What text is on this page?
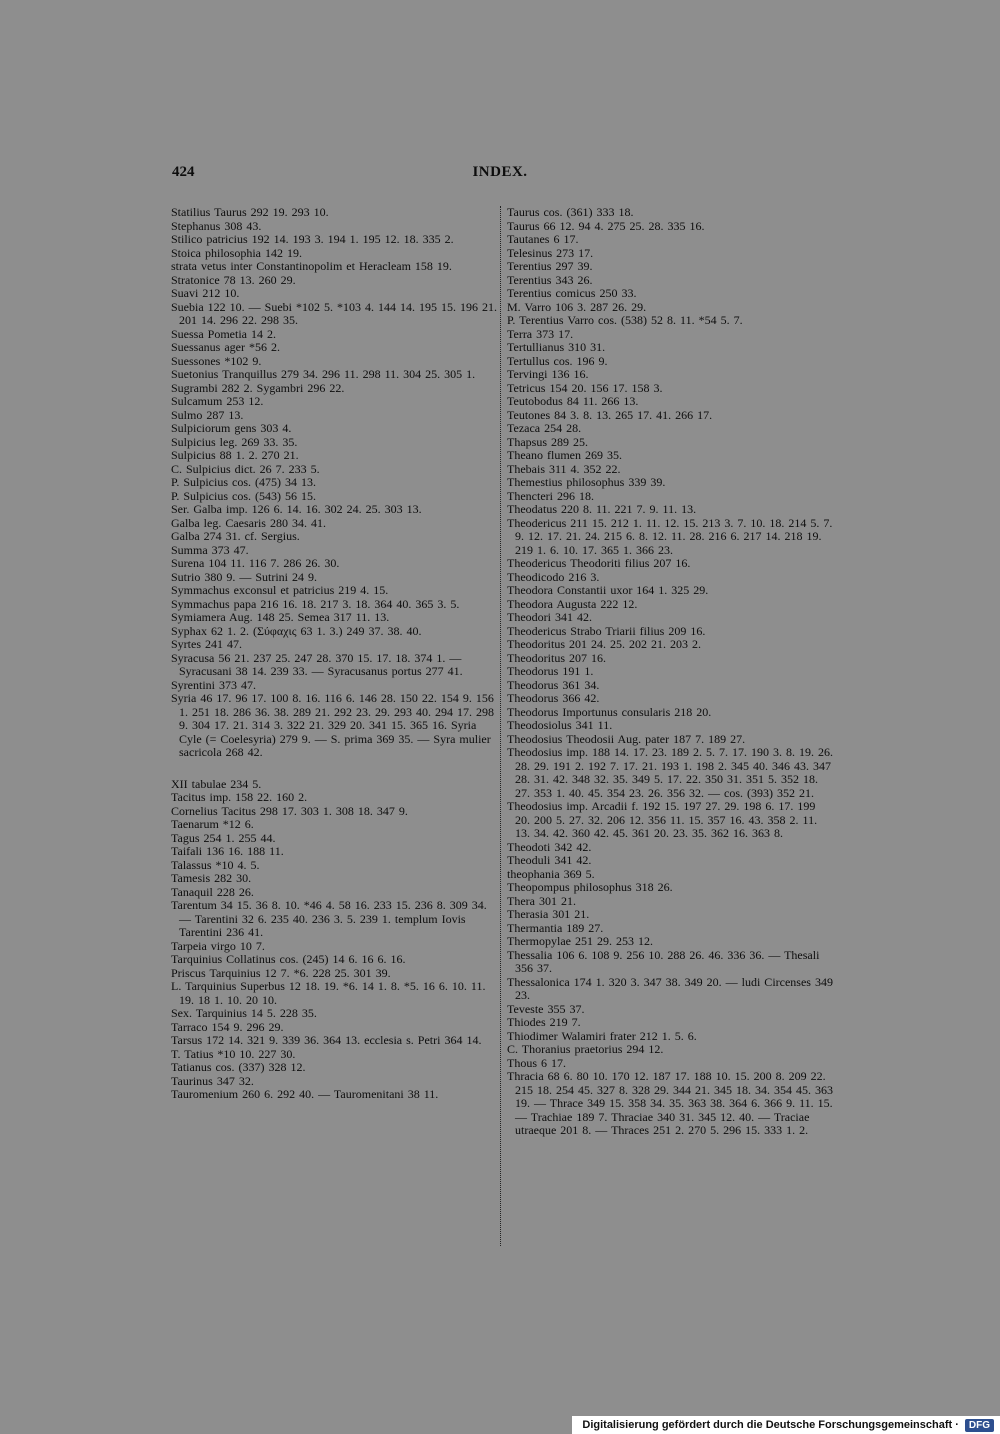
424	INDEX.

Statilius Taurus 292 19. 293 10.

Stephanus 308 43.

Stilico patricius 192 14. 193 3. 194 1. 195 12. 18. 335 2.

Stoica philosophia 142 19.

strata vetus inter Constantinopolim et Heracleam 158 19.

Stratonice 78 13. 260 29.

Suavi 212 10.

Suebia 122 10. — Suebi *102 5. *103 4. 144 14. 195 15. 196 21. 201 14. 296 22. 298 35.

Suessa Pometia 14 2.

Suessanus ager *56 2.

Suessones *102 9.

Suetonius Tranquillus 279 34. 296 11. 298 11. 304 25. 305 1.

Sugrambi 282 2. Sygambri 296 22.

Sulcamum 253 12.

Sulmo 287 13.

Sulpiciorum gens 303 4.

Sulpicius leg. 269 33. 35.

Sulpicius 88 1. 2. 270 21.

C. Sulpicius dict. 26 7. 233 5.

P. Sulpicius cos. (475) 34 13.

P. Sulpicius cos. (543) 56 15.

Ser. Galba imp. 126 6. 14. 16. 302 24. 25. 303 13.

Galba leg. Caesaris 280 34. 41.

Galba 274 31. cf. Sergius.

Summa 373 47.

Surena 104 11. 116 7. 286 26. 30.

Sutrio 380 9. — Sutrini 24 9.

Symmachus exconsul et patricius 219 4. 15.

Symmachus papa 216 16. 18. 217 3. 18. 364 40. 365 3. 5.

Symiamera Aug. 148 25. Semea 317 11. 13.

Syphax 62 1. 2. (Σύφαχις 63 1. 3.) 249 37. 38. 40.

Syrtes 241 47.

Syracusa 56 21. 237 25. 247 28. 370 15. 17. 18. 374 1. — Syracusani 38 14. 239 33. — Syracusanus portus 277 41.

Syrentini 373 47.

Syria 46 17. 96 17. 100 8. 16. 116 6. 146 28. 150 22. 154 9. 156 1. 251 18. 286 36. 38. 289 21. 292 23. 29. 293 40. 294 17. 298 9. 304 17. 21. 314 3. 322 21. 329 20. 341 15. 365 16. Syria Cyle (= Coelesyria) 279 9. — S. prima 369 35. — Syra mulier sacricola 268 42.

XII tabulae 234 5.

Tacitus imp. 158 22. 160 2.

Cornelius Tacitus 298 17. 303 1. 308 18. 347 9.

Taenarum *12 6.

Tagus 254 1. 255 44.

Taifali 136 16. 188 11.

Talassus *10 4. 5.

Tamesis 282 30.

Tanaquil 228 26.

Tarentum 34 15. 36 8. 10. *46 4. 58 16. 233 15. 236 8. 309 34. — Tarentini 32 6. 235 40. 236 3. 5. 239 1. templum Iovis Tarentini 236 41.

Tarpeia virgo 10 7.

Tarquinius Collatinus cos. (245) 14 6. 16 6. 16.

Priscus Tarquinius 12 7. *6. 228 25. 301 39.

L. Tarquinius Superbus 12 18. 19. *6. 14 1. 8. *5. 16 6. 10. 11. 19. 18 1. 10. 20 10.

Sex. Tarquinius 14 5. 228 35.

Tarraco 154 9. 296 29.

Tarsus 172 14. 321 9. 339 36. 364 13. ecclesia s. Petri 364 14.

T. Tatius *10 10. 227 30.

Tatianus cos. (337) 328 12.

Taurinus 347 32.

Tauromenium 260 6. 292 40. — Tauromenitani 38 11.

Taurus cos. (361) 333 18.

Taurus 66 12. 94 4. 275 25. 28. 335 16.

Tautanes 6 17.

Telesinus 273 17.

Terentius 297 39.

Terentius 343 26.

Terentius comicus 250 33.

M. Varro 106 3. 287 26. 29.

P. Terentius Varro cos. (538) 52 8. 11. *54 5. 7.

Terra 373 17.

Tertullianus 310 31.

Tertullus cos. 196 9.

Tervingi 136 16.

Tetricus 154 20. 156 17. 158 3.

Teutobodus 84 11. 266 13.

Teutones 84 3. 8. 13. 265 17. 41. 266 17.

Tezaca 254 28.

Thapsus 289 25.

Theano flumen 269 35.

Thebais 311 4. 352 22.

Themestius philosophus 339 39.

Thencteri 296 18.

Theodatus 220 8. 11. 221 7. 9. 11. 13.

Theodericus 211 15. 212 1. 11. 12. 15. 213 3. 7. 10. 18. 214 5. 7. 9. 12. 17. 21. 24. 215 6. 8. 12. 11. 28. 216 6. 217 14. 218 19. 219 1. 6. 10. 17. 365 1. 366 23.

Theodericus Theodoriti filius 207 16.

Theodicodo 216 3.

Theodora Constantii uxor 164 1. 325 29.

Theodora Augusta 222 12.

Theodori 341 42.

Theodericus Strabo Triarii filius 209 16.

Theodoritus 201 24. 25. 202 21. 203 2.

Theodoritus 207 16.

Theodorus 191 1.

Theodorus 361 34.

Theodorus 366 42.

Theodorus Importunus consularis 218 20.

Theodosiolus 341 11.

Theodosius Theodosii Aug. pater 187 7. 189 27.

Theodosius imp. 188 14. 17. 23. 189 2. 5. 7. 17. 190 3. 8. 19. 26. 28. 29. 191 2. 192 7. 17. 21. 193 1. 198 2. 345 40. 346 43. 347 28. 31. 42. 348 32. 35. 349 5. 17. 22. 350 31. 351 5. 352 18. 27. 353 1. 40. 45. 354 23. 26. 356 32. — cos. (393) 352 21.

Theodosius imp. Arcadii f. 192 15. 197 27. 29. 198 6. 17. 199 20. 200 5. 27. 32. 206 12. 356 11. 15. 357 16. 43. 358 2. 11. 13. 34. 42. 360 42. 45. 361 20. 23. 35. 362 16. 363 8.

Theodoti 342 42.

Theoduli 341 42.

theophania 369 5.

Theopompus philosophus 318 26.

Thera 301 21.

Therasia 301 21.

Thermantia 189 27.

Thermopylae 251 29. 253 12.

Thessalia 106 6. 108 9. 256 10. 288 26. 46. 336 36. — Thesali 356 37.

Thessalonica 174 1. 320 3. 347 38. 349 20. — ludi Circenses 349 23.

Teveste 355 37.

Thiodes 219 7.

Thiodimer Walamiri frater 212 1. 5. 6.

C. Thoranius praetorius 294 12.

Thous 6 17.

Thracia 68 6. 80 10. 170 12. 187 17. 188 10. 15. 200 8. 209 22. 215 18. 254 45. 327 8. 328 29. 344 21. 345 18. 34. 354 45. 363 19. — Thrace 349 15. 358 34. 35. 363 38. 364 6. 366 9. 11. 15. — Trachiae 189 7. Thraciae 340 31. 345 12. 40. — Traciae utraeque 201 8. — Thraces 251 2. 270 5. 296 15. 333 1. 2.

Digitalisierung gefördert durch die Deutsche Forschungsgemeinschaft ·	DFG
